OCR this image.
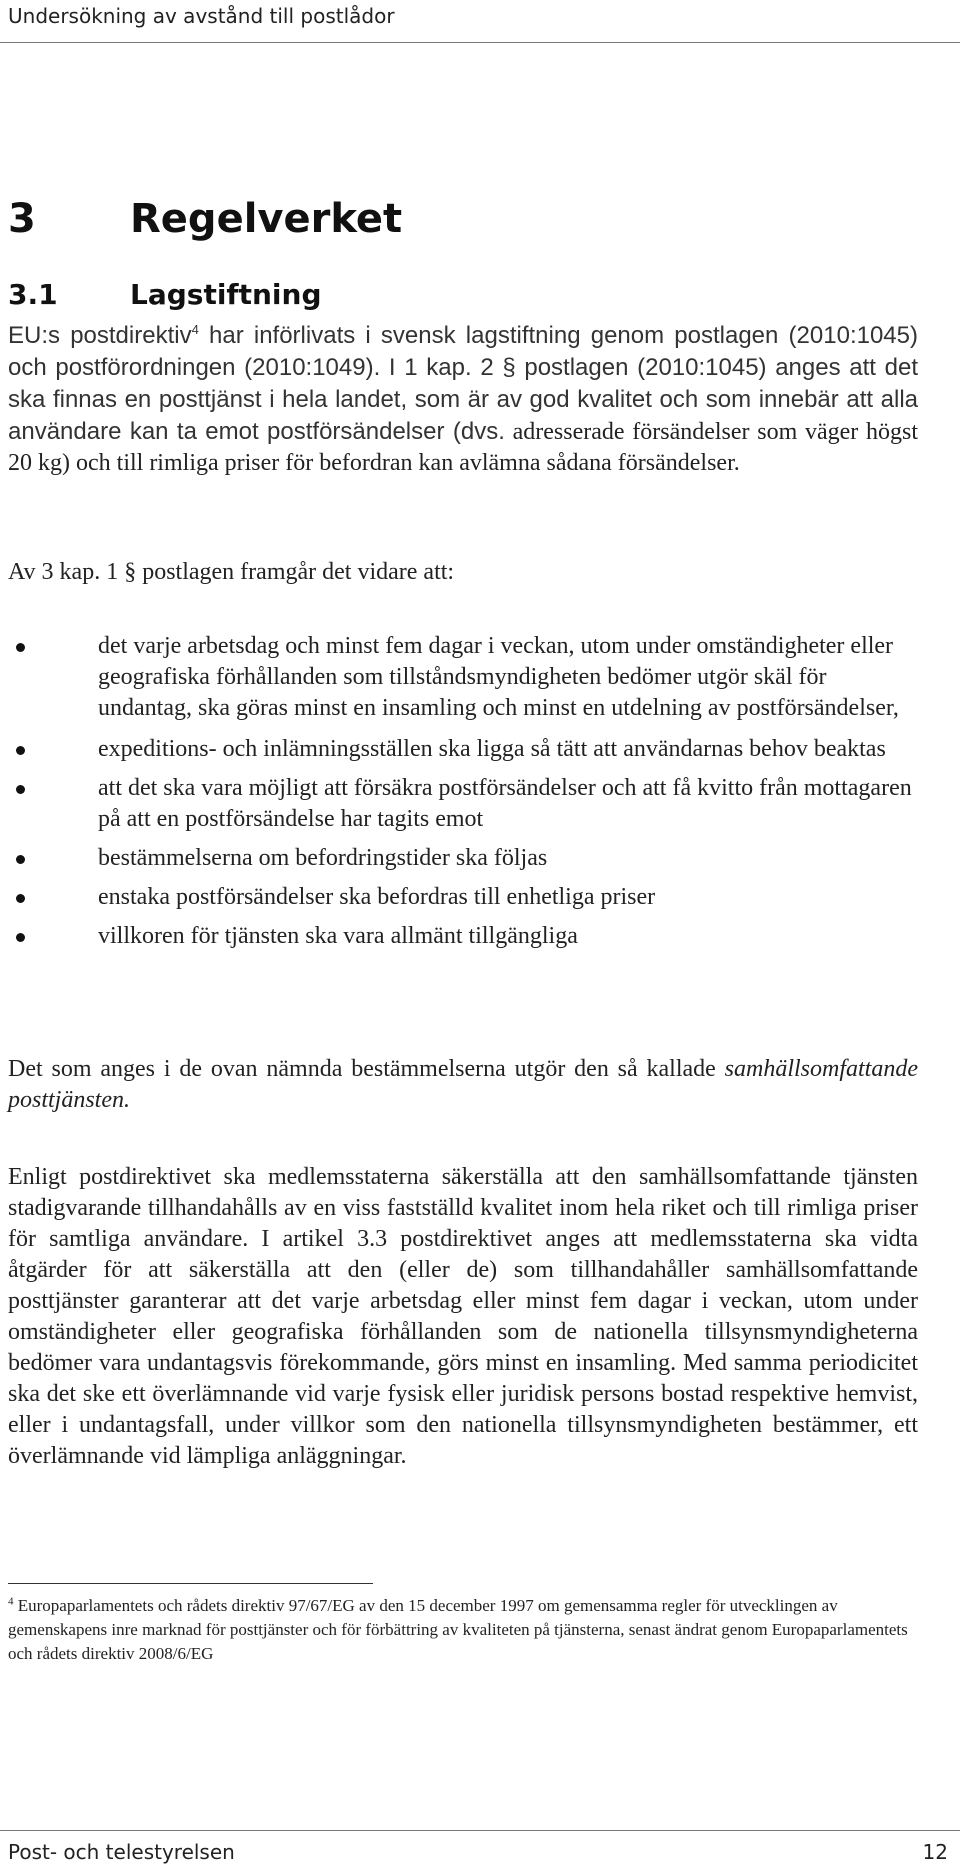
Undersökning av avstånd till postlådor
3 Regelverket
3.1	Lagstiftning
EU:s postdirektiv$^4$ har införlivats i svensk lagstiftning genom postlagen (2010:1045) och postförordningen (2010:1049). I 1 kap. 2 § postlagen (2010:1045) anges att det ska finnas en posttjänst i hela landet, som är av god kvalitet och som innebär att alla användare kan ta emot postförsändelser (dvs. adresserade försändelser som väger högst 20 kg) och till rimliga priser för befordran kan avlämna sådana försändelser.
Av 3 kap. 1 § postlagen framgår det vidare att:
det varje arbetsdag och minst fem dagar i veckan, utom under omständigheter eller geografiska förhållanden som tillståndsmyndigheten bedömer utgör skäl för undantag, ska göras minst en insamling och minst en utdelning av postförsändelser,
expeditions- och inlämningsställen ska ligga så tätt att användarnas behov beaktas
att det ska vara möjligt att försäkra postförsändelser och att få kvitto från mottagaren på att en postförsändelse har tagits emot
bestämmelserna om befordringstider ska följas
enstaka postförsändelser ska befordras till enhetliga priser
villkoren för tjänsten ska vara allmänt tillgängliga
Det som anges i de ovan nämnda bestämmelserna utgör den så kallade samhällsomfattande posttjänsten.
Enligt postdirektivet ska medlemsstaterna säkerställa att den samhällsomfattande tjänsten stadigvarande tillhandahålls av en viss fastställd kvalitet inom hela riket och till rimliga priser för samtliga användare. I artikel 3.3 postdirektivet anges att medlemsstaterna ska vidta åtgärder för att säkerställa att den (eller de) som tillhandahåller samhällsomfattande posttjänster garanterar att det varje arbetsdag eller minst fem dagar i veckan, utom under omständigheter eller geografiska förhållanden som de nationella tillsynsmyndigheterna bedömer vara undantagsvis förekommande, görs minst en insamling. Med samma periodicitet ska det ske ett överlämnande vid varje fysisk eller juridisk persons bostad respektive hemvist, eller i undantagsfall, under villkor som den nationella tillsynsmyndigheten bestämmer, ett överlämnande vid lämpliga anläggningar.
$^4$ Europaparlamentets och rådets direktiv 97/67/EG av den 15 december 1997 om gemensamma regler för utvecklingen av gemenskapens inre marknad för posttjänster och för förbättring av kvaliteten på tjänsterna, senast ändrat genom Europaparlamentets och rådets direktiv 2008/6/EG
Post- och telestyrelsen	12
